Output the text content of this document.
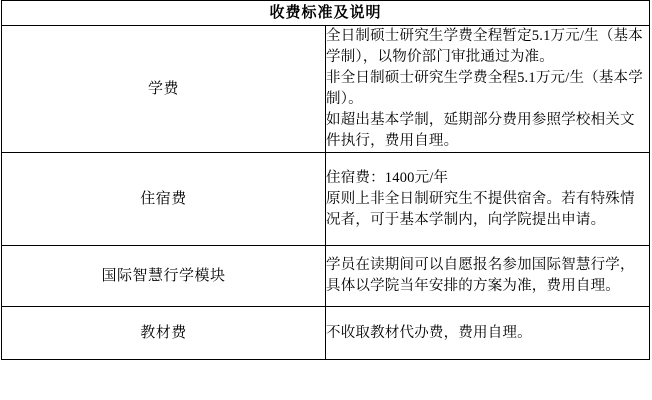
收费标准及说明	

学费	全日制硕士研究生学费全程暂定5.1万元/生（基本学制），以物价部门审批通过为准。

非全日制硕士研究生学费全程5.1万元/生（基本学制）。

如超出基本学制，延期部分费用参照学校相关文件执行，费用自理。

住宿费	住宿费：1400元/年

原则上非全日制研究生不提供宿舍。若有特殊情况者，可于基本学制内，向学院提出申请。

国际智慧行学模块	学员在读期间可以自愿报名参加国际智慧行学，具体以学院当年安排的方案为准，费用自理。

教材费	不收取教材代办费，费用自理。
